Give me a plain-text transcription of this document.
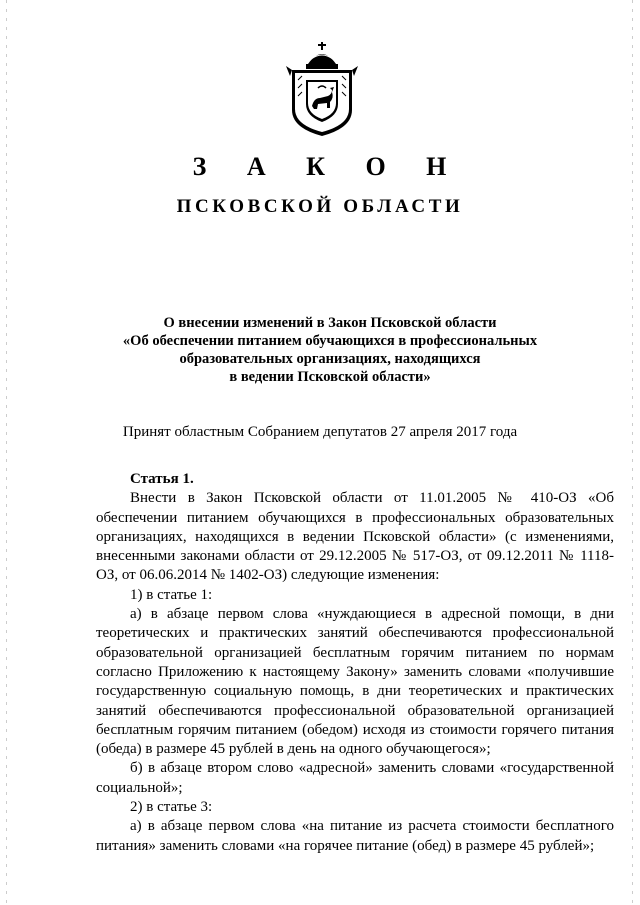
З А К О Н
ПСКОВСКОЙ ОБЛАСТИ
О внесении изменений в Закон Псковской области
«Об обеспечении питанием обучающихся в профессиональных
образовательных организациях, находящихся
в ведении Псковской области»
Принят областным Собранием депутатов 27 апреля 2017 года

Статья 1.

Внести в Закон Псковской области от 11.01.2005 № 410-ОЗ «Об обеспечении питанием обучающихся в профессиональных образовательных организациях, находящихся в ведении Псковской области» (с изменениями, внесенными законами области от 29.12.2005 № 517-ОЗ, от 09.12.2011 № 1118-ОЗ, от 06.06.2014 № 1402-ОЗ) следующие изменения:

1) в статье 1:

а) в абзаце первом слова «нуждающиеся в адресной помощи, в дни теоретических и практических занятий обеспечиваются профессиональной образовательной организацией бесплатным горячим питанием по нормам согласно Приложению к настоящему Закону» заменить словами «получившие государственную социальную помощь, в дни теоретических и практических занятий обеспечиваются профессиональной образовательной организацией бесплатным горячим питанием (обедом) исходя из стоимости горячего питания (обеда) в размере 45 рублей в день на одного обучающегося»;

б) в абзаце втором слово «адресной» заменить словами «государственной социальной»;

2) в статье 3:

а) в абзаце первом слова «на питание из расчета стоимости бесплатного питания» заменить словами «на горячее питание (обед) в размере 45 рублей»;
